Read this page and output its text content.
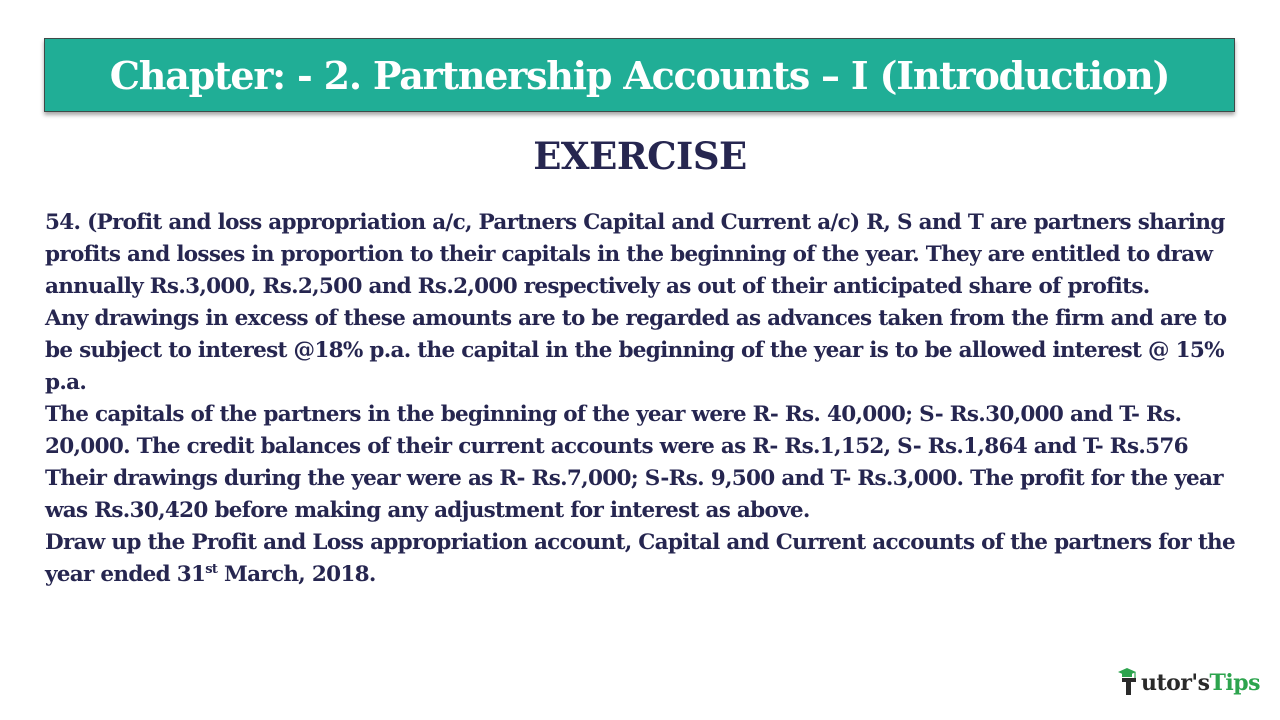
Chapter: - 2. Partnership Accounts – I (Introduction)
EXERCISE

54. (Profit and loss appropriation a/c, Partners Capital and Current a/c) R, S and T are partners sharing profits and losses in proportion to their capitals in the beginning of the year. They are entitled to draw annually Rs.3,000, Rs.2,500 and Rs.2,000 respectively as out of their anticipated share of profits.

Any drawings in excess of these amounts are to be regarded as advances taken from the firm and are to be subject to interest @18% p.a. the capital in the beginning of the year is to be allowed interest @ 15% p.a.

The capitals of the partners in the beginning of the year were R- Rs. 40,000; S- Rs.30,000 and T- Rs. 20,000. The credit balances of their current accounts were as R- Rs.1,152, S- Rs.1,864 and T- Rs.576

Their drawings during the year were as R- Rs.7,000; S-Rs. 9,500 and T- Rs.3,000. The profit for the year was Rs.30,420 before making any adjustment for interest as above.

Draw up the Profit and Loss appropriation account, Capital and Current accounts of the partners for the year ended 31st March, 2018.

utor's Tips
